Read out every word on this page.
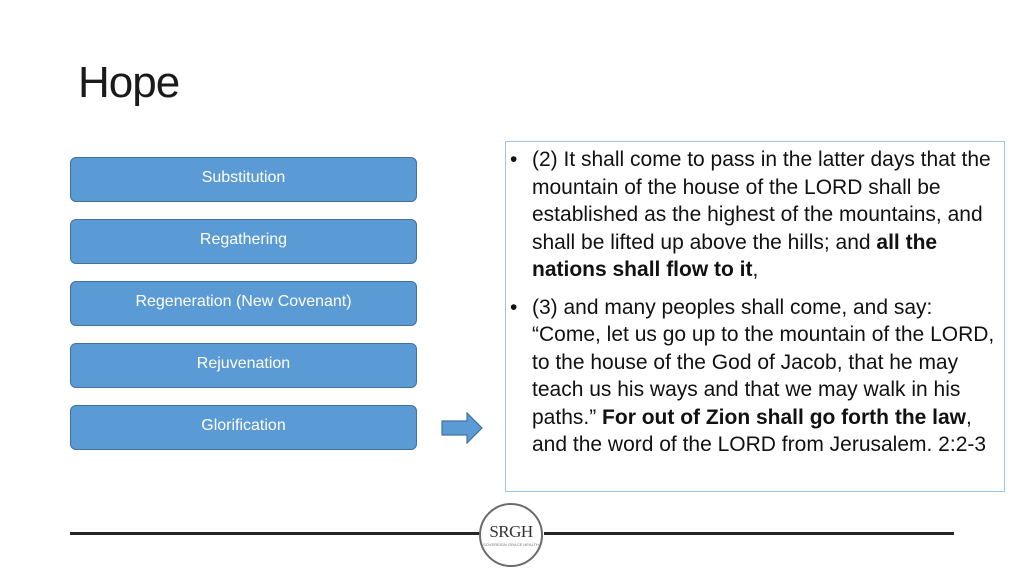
Hope
Substitution
Regathering
Regeneration (New Covenant)
Rejuvenation
Glorification
• (2) It shall come to pass in the latter days that the mountain of the house of the LORD shall be established as the highest of the mountains, and shall be lifted up above the hills; and all the nations shall flow to it,
• (3) and many peoples shall come, and say: “Come, let us go up to the mountain of the LORD, to the house of the God of Jacob, that he may teach us his ways and that we may walk in his paths.” For out of Zion shall go forth the law, and the word of the LORD from Jerusalem. 2:2-3
SRGH
SOVEREIGN GRACE HEALTH
